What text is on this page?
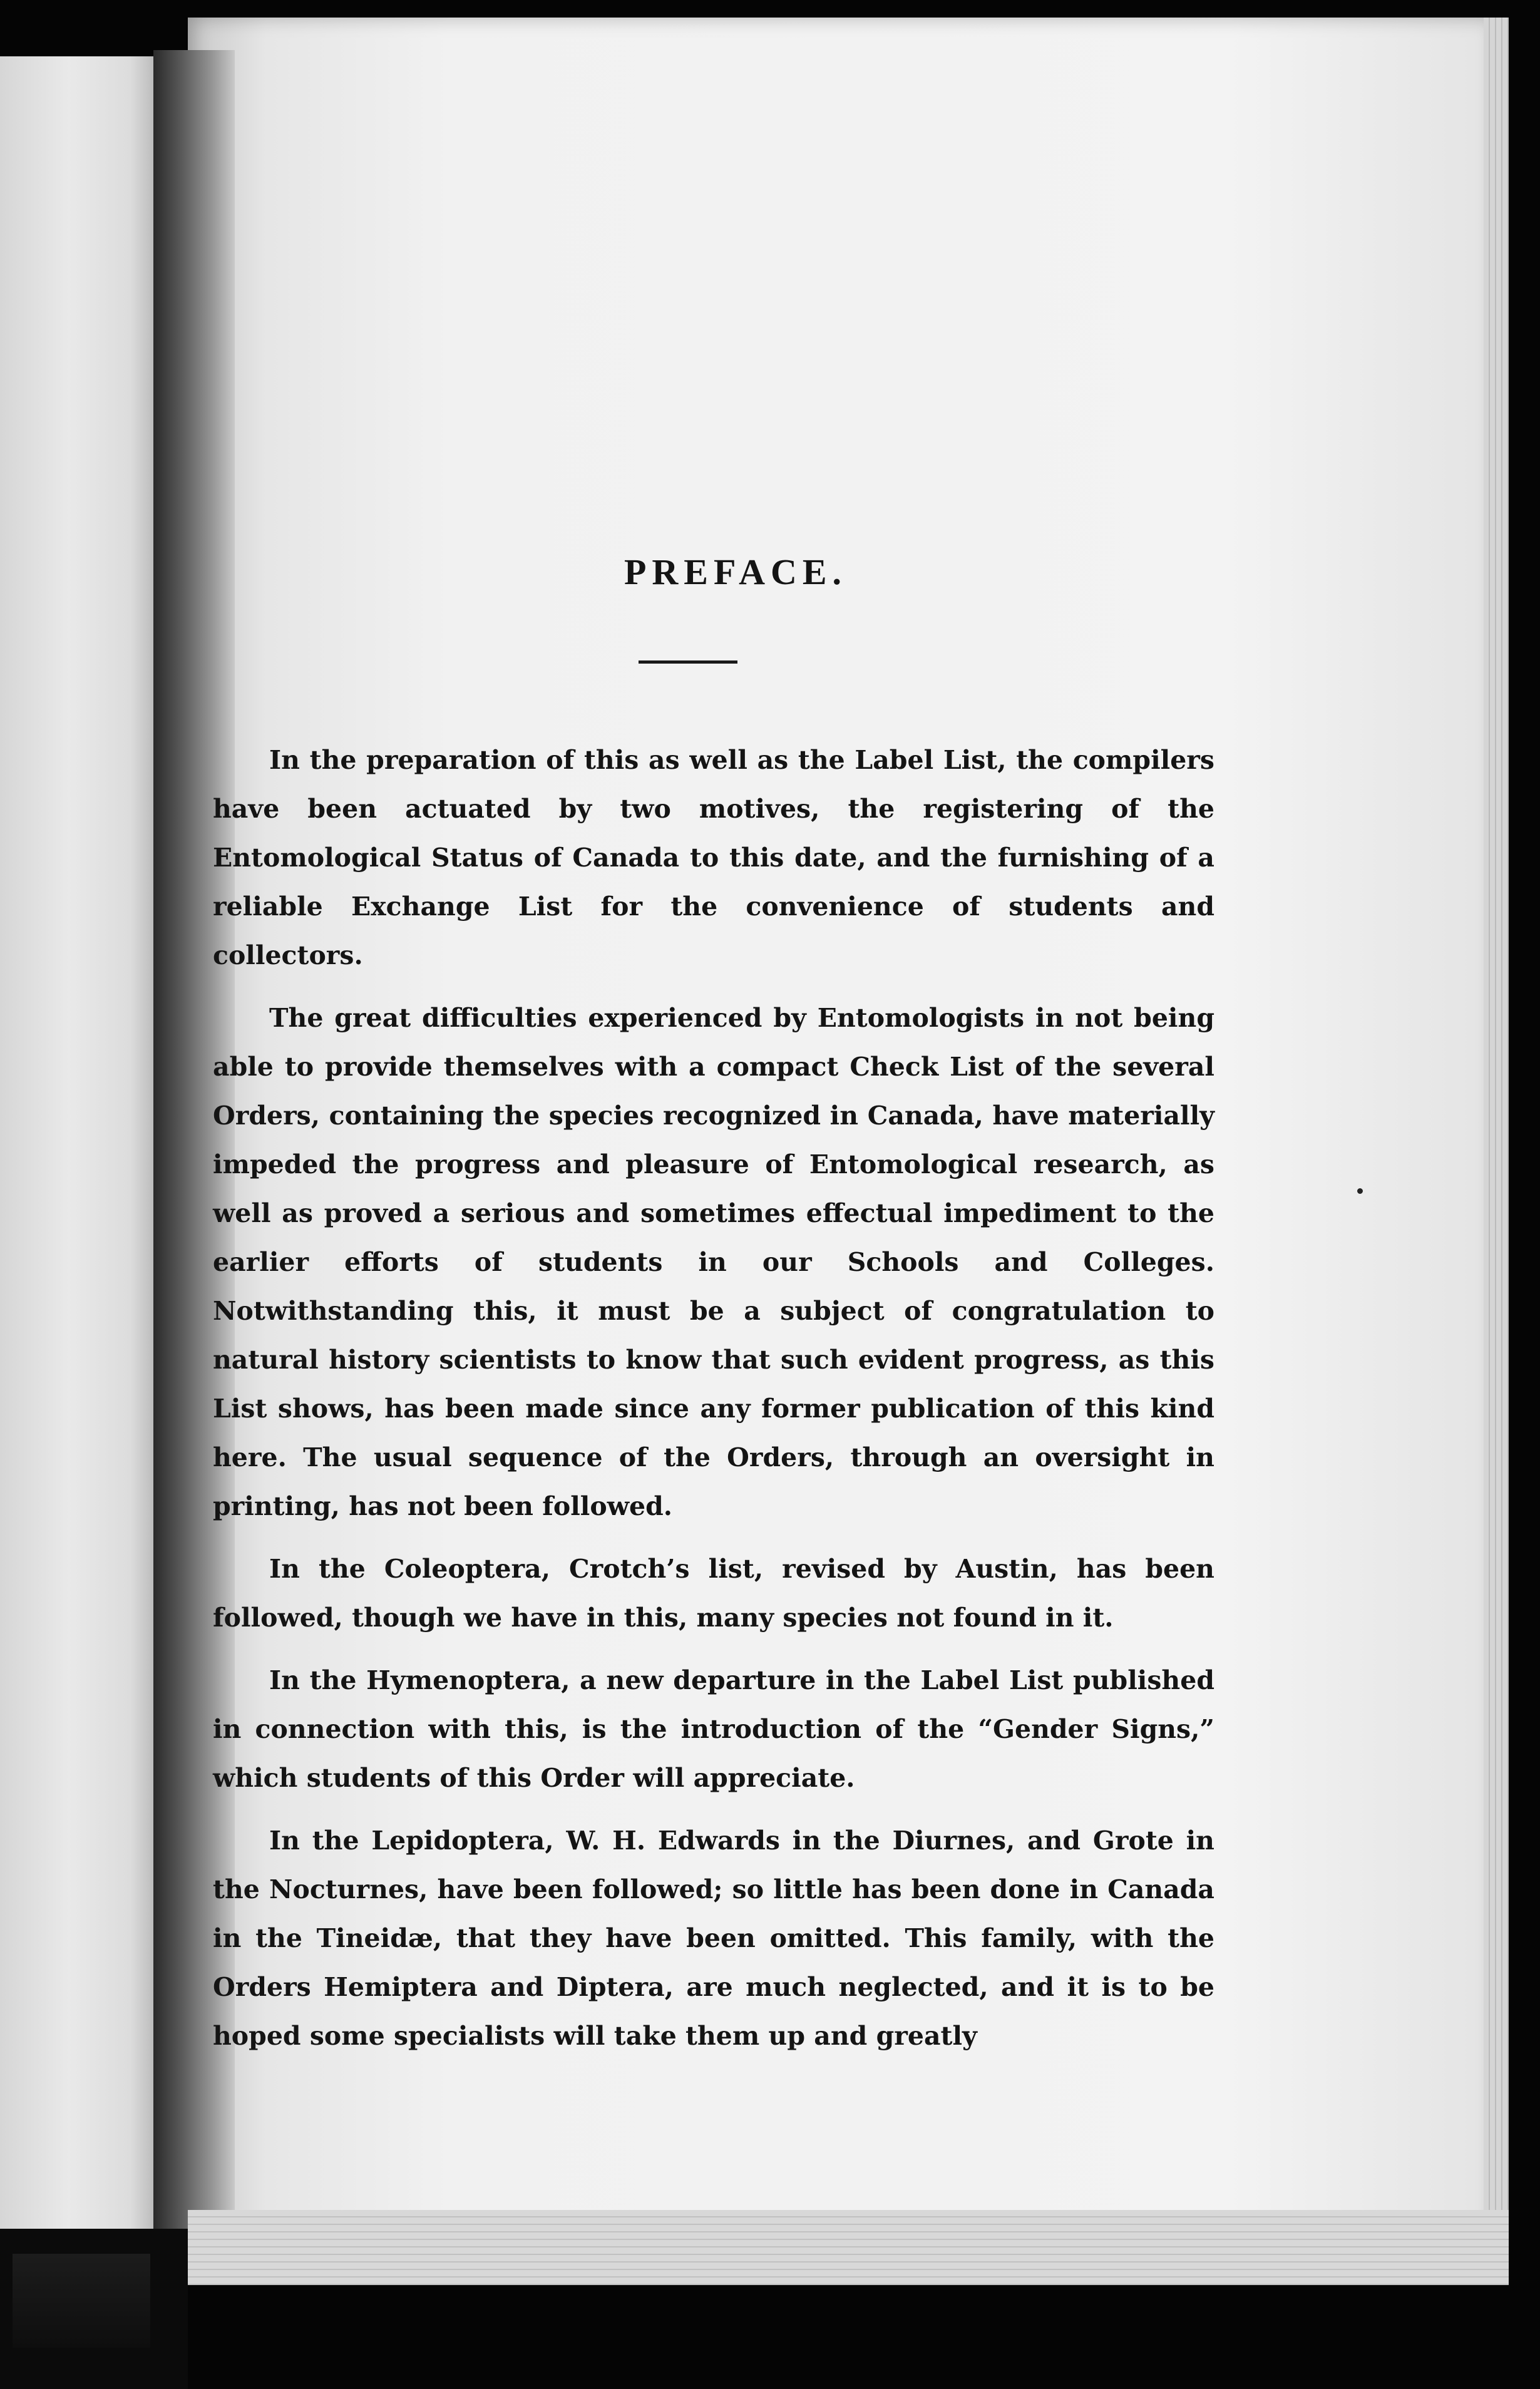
PREFACE.

In the preparation of this as well as the Label List, the compilers have been actuated by two motives, the registering of the Entomological Status of Canada to this date, and the furnishing of a reliable Exchange List for the convenience of students and collectors.

The great difficulties experienced by Entomologists in not being able to provide themselves with a compact Check List of the several Orders, containing the species recognized in Canada, have materially impeded the progress and pleasure of Entomological research, as well as proved a serious and sometimes effectual impediment to the earlier efforts of students in our Schools and Colleges. Notwithstanding this, it must be a subject of congratulation to natural history scientists to know that such evident progress, as this List shows, has been made since any former publication of this kind here. The usual sequence of the Orders, through an oversight in printing, has not been followed.

In the Coleoptera, Crotch’s list, revised by Austin, has been followed, though we have in this, many species not found in it.

In the Hymenoptera, a new departure in the Label List published in connection with this, is the introduction of the “Gender Signs,” which students of this Order will appreciate.

In the Lepidoptera, W. H. Edwards in the Diurnes, and Grote in the Nocturnes, have been followed; so little has been done in Canada in the Tineidæ, that they have been omitted. This family, with the Orders Hemiptera and Diptera, are much neglected, and it is to be hoped some specialists will take them up and greatly
